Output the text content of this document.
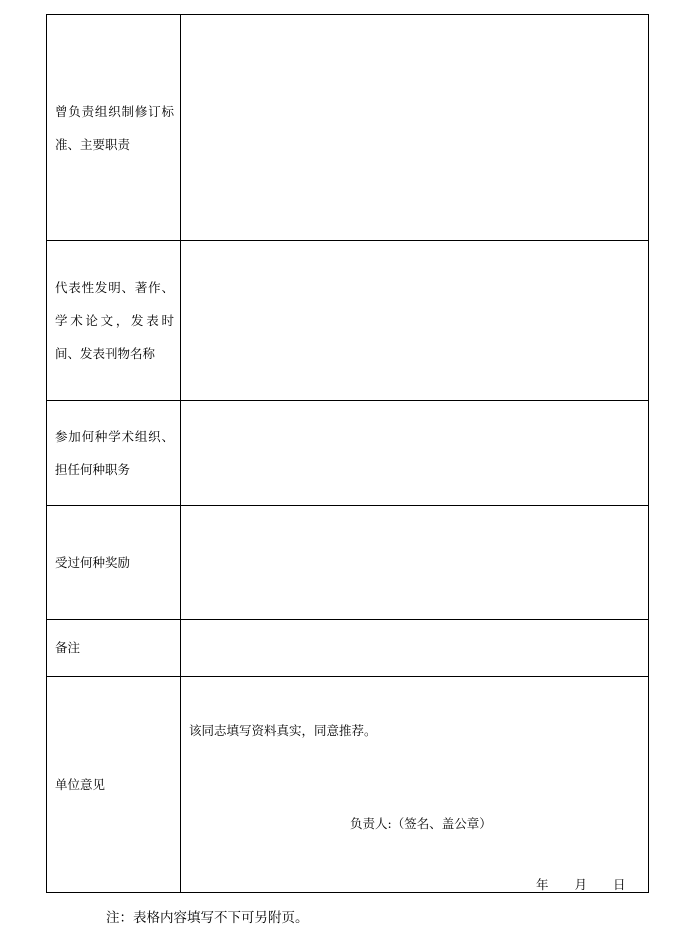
曾负责组织制修订标准、主要职责	

代表性发明、著作、学术论文，发表时间、发表刊物名称	

参加何种学术组织、担任何种职务	

受过何种奖励	

备注	

单位意见	该同志填写资料真实，同意推荐。
负责人:（签名、盖公章）
年 月 日
注：表格内容填写不下可另附页。
